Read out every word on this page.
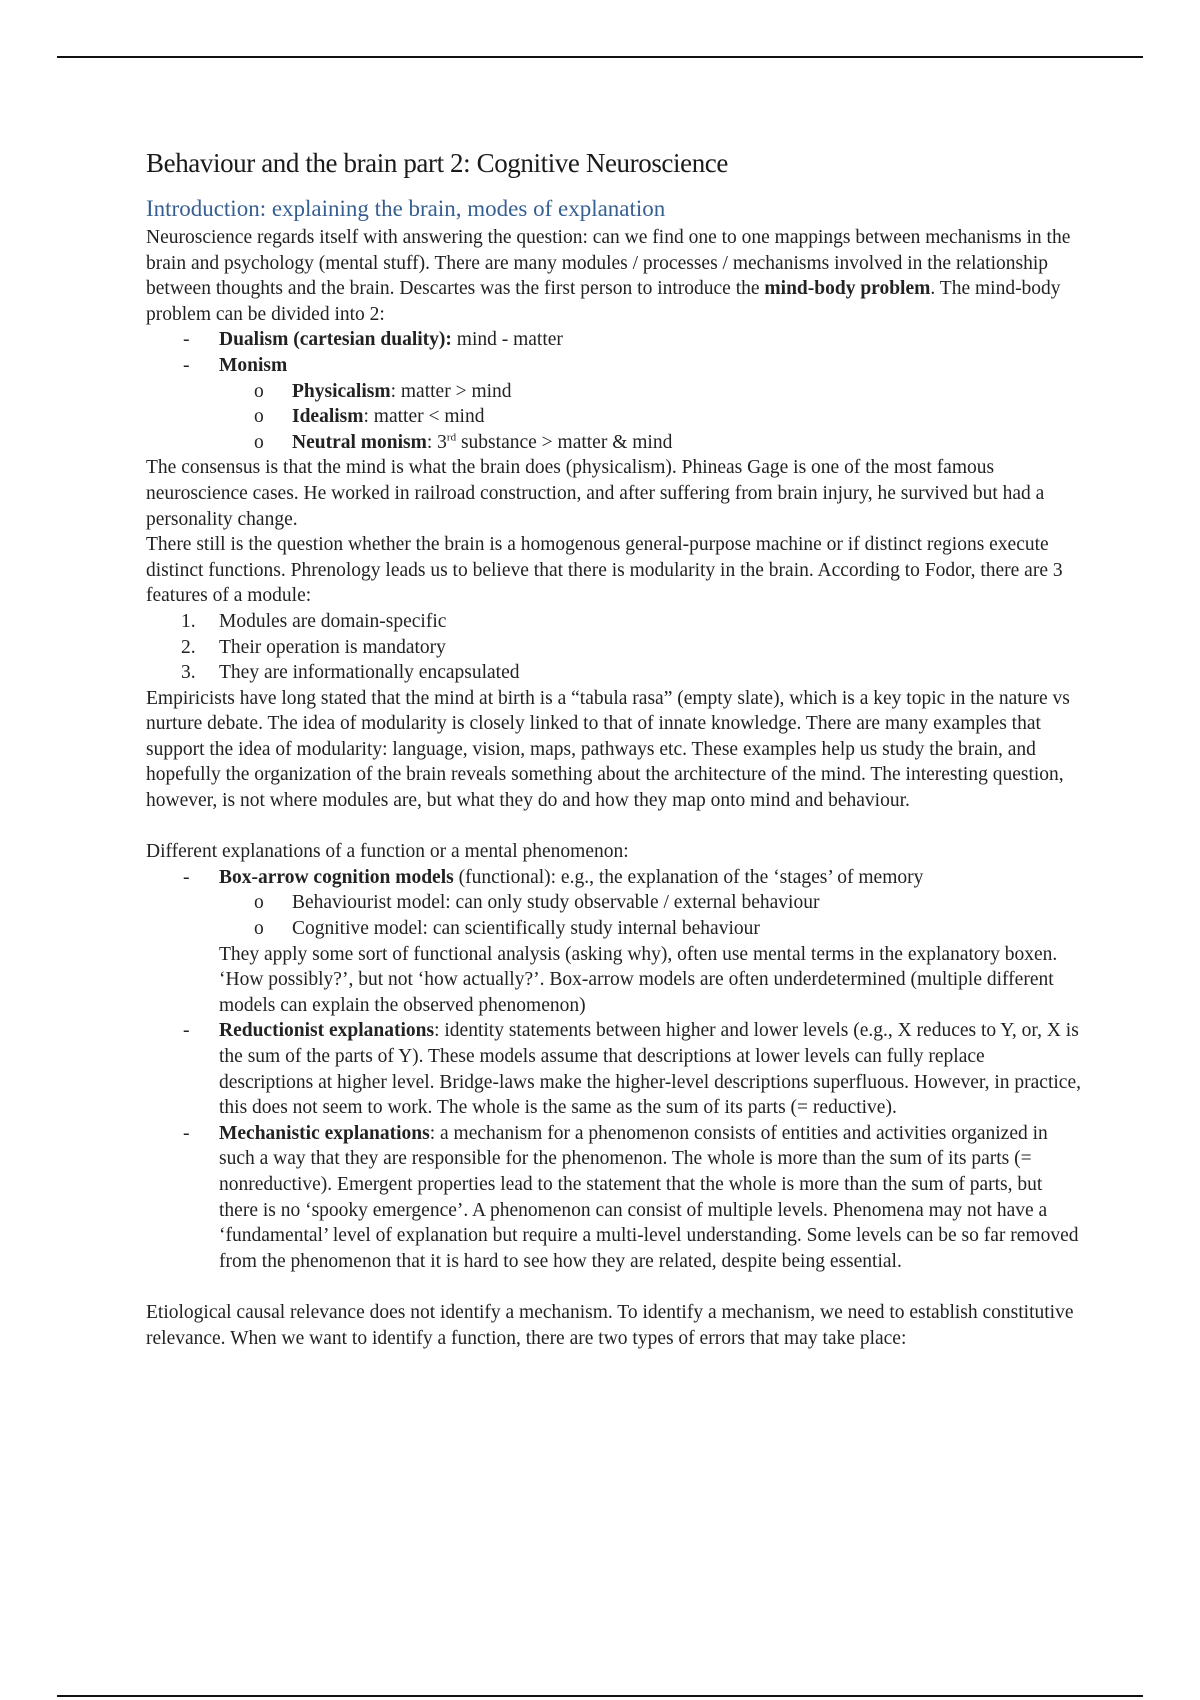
Behaviour and the brain part 2: Cognitive Neuroscience
Introduction: explaining the brain, modes of explanation

Neuroscience regards itself with answering the question: can we find one to one mappings between mechanisms in the brain and psychology (mental stuff). There are many modules / processes / mechanisms involved in the relationship between thoughts and the brain. Descartes was the first person to introduce the mind-body problem. The mind-body problem can be divided into 2:

- Dualism (cartesian duality): mind - matter
- Monism
o Physicalism: matter > mind
o Idealism: matter < mind
o Neutral monism: 3rd substance > matter & mind

The consensus is that the mind is what the brain does (physicalism). Phineas Gage is one of the most famous neuroscience cases. He worked in railroad construction, and after suffering from brain injury, he survived but had a personality change.

There still is the question whether the brain is a homogenous general-purpose machine or if distinct regions execute distinct functions. Phrenology leads us to believe that there is modularity in the brain. According to Fodor, there are 3 features of a module:

1. Modules are domain-specific
2. Their operation is mandatory
3. They are informationally encapsulated

Empiricists have long stated that the mind at birth is a “tabula rasa” (empty slate), which is a key topic in the nature vs nurture debate. The idea of modularity is closely linked to that of innate knowledge. There are many examples that support the idea of modularity: language, vision, maps, pathways etc. These examples help us study the brain, and hopefully the organization of the brain reveals something about the architecture of the mind. The interesting question, however, is not where modules are, but what they do and how they map onto mind and behaviour.

Different explanations of a function or a mental phenomenon:

- Box-arrow cognition models (functional): e.g., the explanation of the ‘stages’ of memory
o Behaviourist model: can only study observable / external behaviour
o Cognitive model: can scientifically study internal behaviour

They apply some sort of functional analysis (asking why), often use mental terms in the explanatory boxen. ‘How possibly?’, but not ‘how actually?’. Box-arrow models are often underdetermined (multiple different models can explain the observed phenomenon)

- Reductionist explanations: identity statements between higher and lower levels (e.g., X reduces to Y, or, X is the sum of the parts of Y). These models assume that descriptions at lower levels can fully replace descriptions at higher level. Bridge-laws make the higher-level descriptions superfluous. However, in practice, this does not seem to work. The whole is the same as the sum of its parts (= reductive).
- Mechanistic explanations: a mechanism for a phenomenon consists of entities and activities organized in such a way that they are responsible for the phenomenon. The whole is more than the sum of its parts (= nonreductive). Emergent properties lead to the statement that the whole is more than the sum of parts, but there is no ‘spooky emergence’. A phenomenon can consist of multiple levels. Phenomena may not have a ‘fundamental’ level of explanation but require a multi-level understanding. Some levels can be so far removed from the phenomenon that it is hard to see how they are related, despite being essential.

Etiological causal relevance does not identify a mechanism. To identify a mechanism, we need to establish constitutive relevance. When we want to identify a function, there are two types of errors that may take place:
